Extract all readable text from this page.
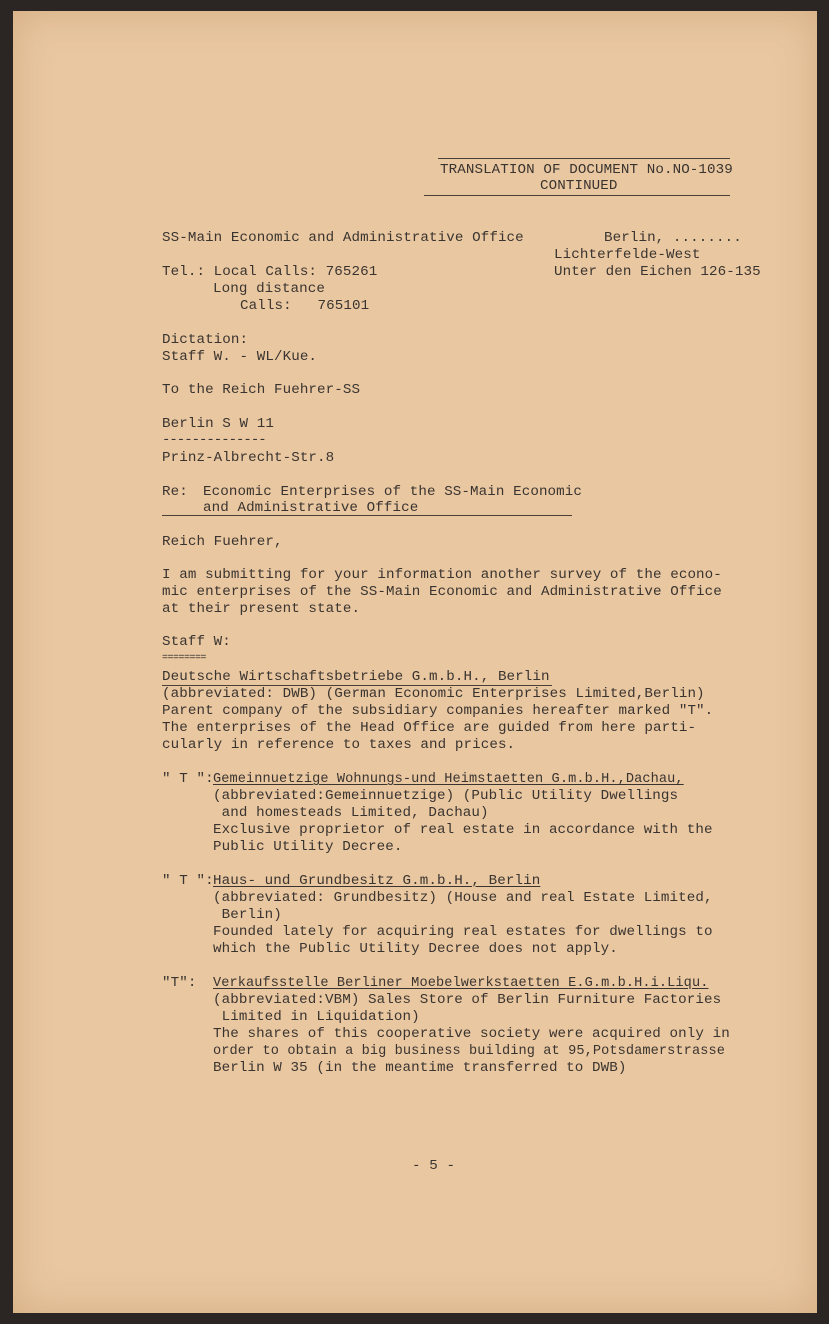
TRANSLATION OF DOCUMENT No.NO-1039
CONTINUED
SS-Main Economic and Administrative Office
Tel.: Local Calls: 765261
Long distance
Calls:   765101
Berlin, ........
Lichterfelde-West
Unter den Eichen 126-135
Dictation:
Staff W. - WL/Kue.
To the Reich Fuehrer-SS
Berlin S W 11
--------------
Prinz-Albrecht-Str.8
Re: Economic Enterprises of the SS-Main Economic
and Administrative Office
Reich Fuehrer,
I am submitting for your information another survey of the econo-
mic enterprises of the SS-Main Economic and Administrative Office
at their present state.
Staff W:
========
Deutsche Wirtschaftsbetriebe G.m.b.H., Berlin
(abbreviated: DWB) (German Economic Enterprises Limited,Berlin)
Parent company of the subsidiary companies hereafter marked "T".
The enterprises of the Head Office are guided from here parti-
cularly in reference to taxes and prices.
" T ": Gemeinnuetzige Wohnungs-und Heimstaetten G.m.b.H.,Dachau,
(abbreviated:Gemeinnuetzige) (Public Utility Dwellings
and homesteads Limited, Dachau)
Exclusive proprietor of real estate in accordance with the
Public Utility Decree.
" T ": Haus- und Grundbesitz G.m.b.H., Berlin
(abbreviated: Grundbesitz) (House and real Estate Limited,
Berlin)
Founded lately for acquiring real estates for dwellings to
which the Public Utility Decree does not apply.
"T": Verkaufsstelle Berliner Moebelwerkstaetten E.G.m.b.H.i.Liqu.
(abbreviated:VBM) Sales Store of Berlin Furniture Factories
Limited in Liquidation)
The shares of this cooperative society were acquired only in
order to obtain a big business building at 95,Potsdamerstrasse
Berlin W 35 (in the meantime transferred to DWB)
- 5 -
